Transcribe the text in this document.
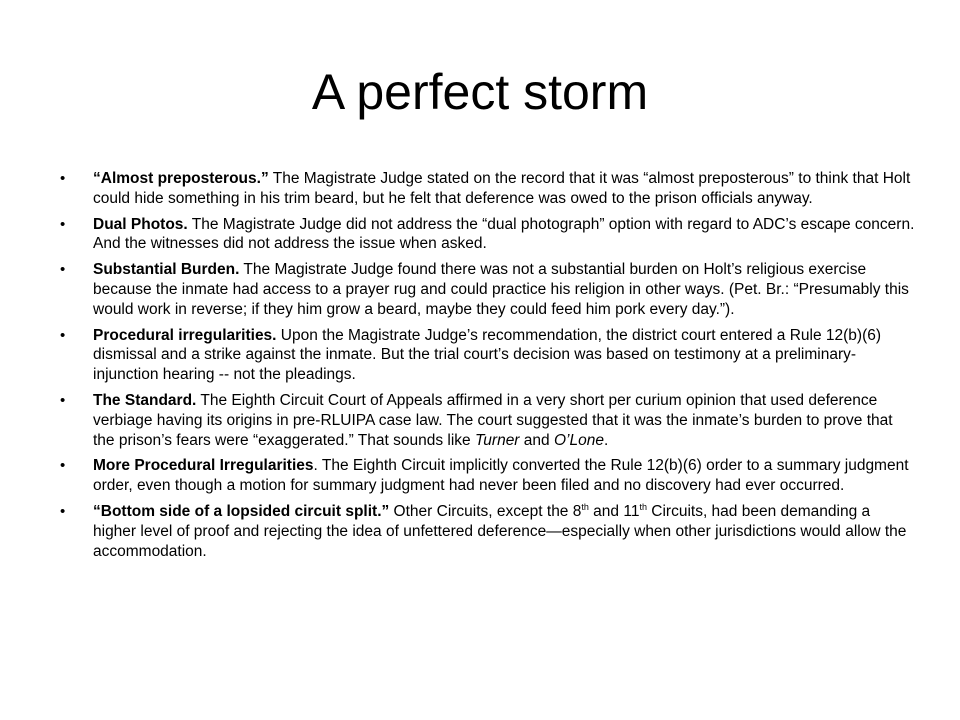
A perfect storm
• “Almost preposterous.” The Magistrate Judge stated on the record that it was “almost preposterous” to think that Holt could hide something in his trim beard, but he felt that deference was owed to the prison officials anyway.
• Dual Photos. The Magistrate Judge did not address the “dual photograph” option with regard to ADC’s escape concern. And the witnesses did not address the issue when asked.
• Substantial Burden. The Magistrate Judge found there was not a substantial burden on Holt’s religious exercise because the inmate had access to a prayer rug and could practice his religion in other ways. (Pet. Br.: “Presumably this would work in reverse; if they him grow a beard, maybe they could feed him pork every day.”).
• Procedural irregularities. Upon the Magistrate Judge’s recommendation, the district court entered a Rule 12(b)(6) dismissal and a strike against the inmate. But the trial court’s decision was based on testimony at a preliminary-injunction hearing -- not the pleadings.
• The Standard. The Eighth Circuit Court of Appeals affirmed in a very short per curium opinion that used deference verbiage having its origins in pre-RLUIPA case law. The court suggested that it was the inmate’s burden to prove that the prison’s fears were “exaggerated.” That sounds like Turner and O’Lone.
• More Procedural Irregularities. The Eighth Circuit implicitly converted the Rule 12(b)(6) order to a summary judgment order, even though a motion for summary judgment had never been filed and no discovery had ever occurred.
• “Bottom side of a lopsided circuit split.” Other Circuits, except the 8th and 11th Circuits, had been demanding a higher level of proof and rejecting the idea of unfettered deference—especially when other jurisdictions would allow the accommodation.
